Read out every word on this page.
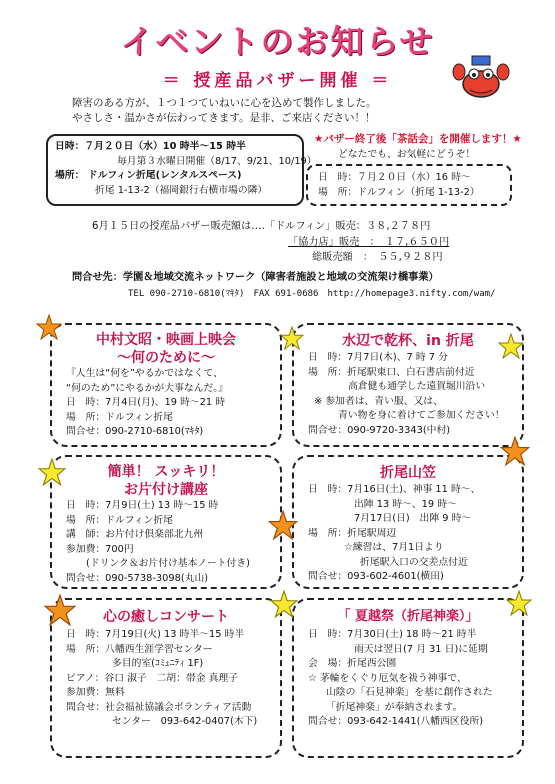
イベントのお知らせ
＝ 授産品バザー開催 ＝
障害のある方が、１つ１つていねいに心を込めて製作しました。
やさしさ・温かさが伝わってきます。是非、ご来店ください！！
日時：７月２０日（水）10 時半～15 時半
毎月第３水曜日開催（8/17、9/21、10/19）
場所： ドルフィン折尾(レンタルスペース)
折尾 1-13-2（福岡銀行右横市場の隣）
★バザー終了後「茶話会」を開催します！★
どなたでも、お気軽にどうぞ！
日　時：７月２０日（水）16 時～
場　所：ドルフィン（折尾 1-13-2）
6月１５日の授産品バザー販売額は‥‥「ドルフィン」販売：３８,２７８円
「協力店」販売　：　１７,６５０円
総販売額　：　５５,９２８円
問合せ先：学園＆地域交流ネットワーク（障害者施設と地域の交流架け橋事業）
TEL 090-2710-6810(ﾏｷﾀ)　FAX 691-0686　http://homepage3.nifty.com/wam/
中村文昭・映画上映会
～何のために～
『人生は“何を”やるかではなくて、
“何のため”にやるかが大事なんだ。』
日　時：7月4日(月)、19 時～21 時
場　所：ドルフィン折尾
問合せ：090-2710-6810(ﾏｷﾀ)
水辺で乾杯、in 折尾
日　時：7月7日(木)、7 時 7 分
場　所：折尾駅東口、白石書店前付近
高倉健も通学した遠賀堀川沿い
※ 参加者は、青い服、又は、
青い物を身に着けてご参加ください！
問合せ：090-9720-3343(中村)
簡単！ スッキリ！
お片付け講座
日　時：7月9日(土) 13 時～15 時
場　所：ドルフィン折尾
講　師：お片付け倶楽部北九州
参加費：700円
(ドリンク＆お片付け基本ノート付き)
問合せ：090-5738-3098(丸山)
折尾山笠
日　時：7月16日(土)、神事 11 時～、
出陣 13 時～、19 時～
7月17日(日)　出陣 9 時～
場　所：折尾駅周辺
☆練習は、7月1日より
折尾駅入口の交差点付近
問合せ：093-602-4601(横田)
心の癒しコンサート
日　時：7月19日(火) 13 時半～15 時半
場　所：八幡西生涯学習センター
多目的室(ｺﾐｭﾆﾃｨ 1F)
ピアノ：谷口 淑子　二胡：帯金 真理子
参加費：無料
問合せ：社会福祉協議会ボランティア活動
センター　093-642-0407(木下)
「 夏越祭（折尾神楽）」
日　時：7月30日(土) 18 時～21 時半
雨天は翌日(7 月 31 日)に延期
会　場：折尾西公園
☆ 茅輪をくぐり厄気を祓う神事で、
山陰の「石見神楽」を基に創作された
「折尾神楽」が奉納されます。
問合せ：093-642-1441(八幡西区役所)
